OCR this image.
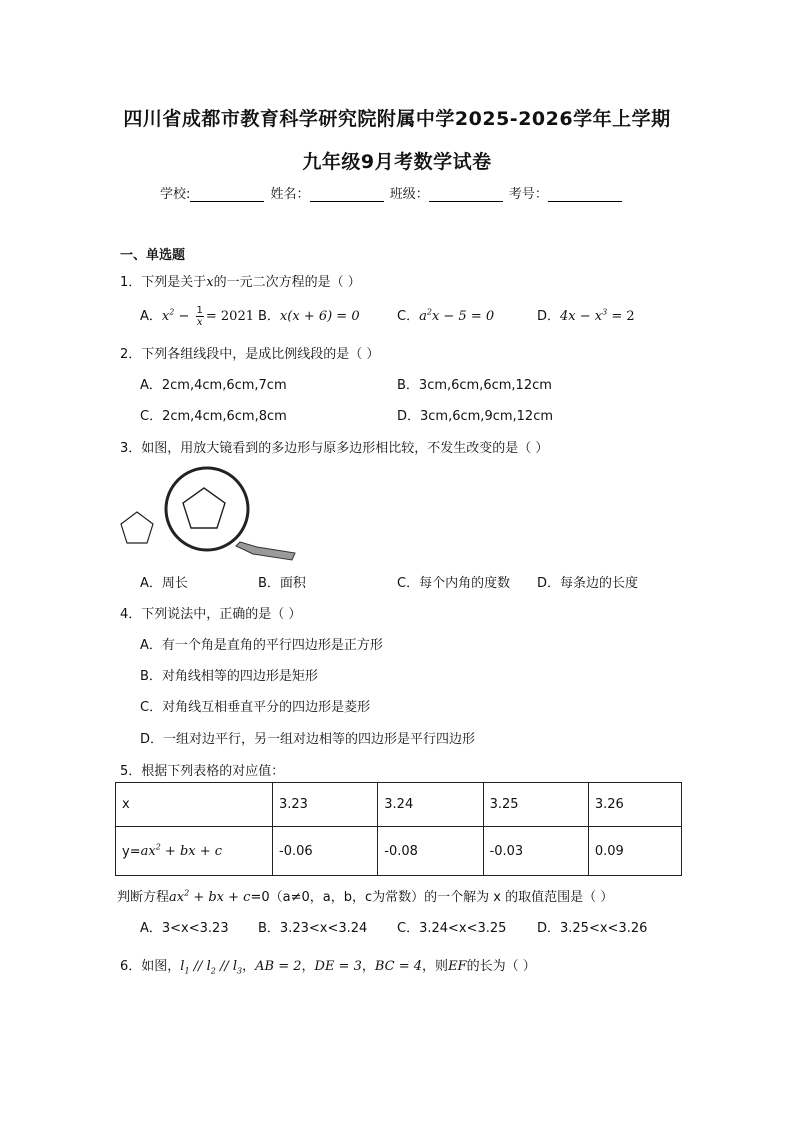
四川省成都市教育科学研究院附属中学2025-2026学年上学期
九年级9月考数学试卷
学校:	姓名：	班级：	考号：
一、单选题
1．下列是关于x的一元二次方程的是（ ）
A．$x^2 - \frac{1}{x} = 2021$ B．x(x + 6) = 0	C．$a^2x - 5 = 0$	D．$4x - x^3 = 2$
2．下列各组线段中，是成比例线段的是（ ）
A．2cm,4cm,6cm,7cm	B．3cm,6cm,6cm,12cm
C．2cm,4cm,6cm,8cm	D．3cm,6cm,9cm,12cm
3．如图，用放大镜看到的多边形与原多边形相比较，不发生改变的是（ ）
A．周长	B．面积	C．每个内角的度数 D．每条边的长度
4．下列说法中，正确的是（ ）
A．有一个角是直角的平行四边形是正方形
B．对角线相等的四边形是矩形
C．对角线互相垂直平分的四边形是菱形
D．一组对边平行，另一组对边相等的四边形是平行四边形
5．根据下列表格的对应值：
x	3.23	3.24	3.25	3.26
$y=ax^2$ + bx + c	-0.06	-0.08	-0.03	0.09
判断方程$ax^2$ + bx + c=0（a≠0，a，b，c为常数）的一个解为 x 的取值范围是（ ）
A．3<x<3.23 B．3.23<x<3.24 C．3.24<x<3.25 D．3.25<x<3.26
6．如图，$l_1 // l_2 // l_3$，AB = 2，DE = 3，BC = 4，则EF的长为（ ）
